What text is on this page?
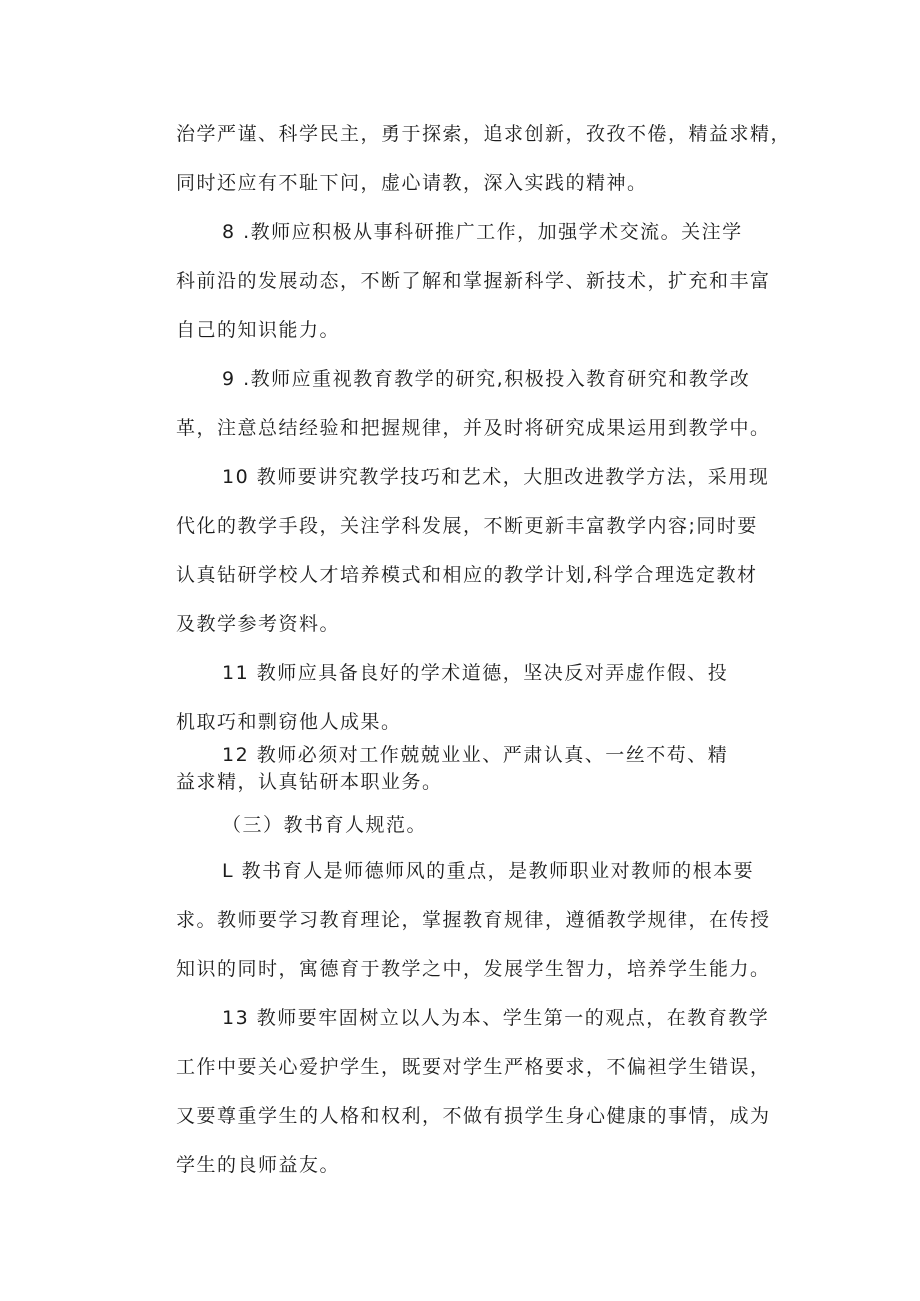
治学严谨、科学民主，勇于探索，追求创新，孜孜不倦，精益求精，
同时还应有不耻下问，虚心请教，深入实践的精神。
8 .教师应积极从事科研推广工作，加强学术交流。关注学
科前沿的发展动态，不断了解和掌握新科学、新技术，扩充和丰富
自己的知识能力。
9 .教师应重视教育教学的研究,积极投入教育研究和教学改
革，注意总结经验和把握规律，并及时将研究成果运用到教学中。
10 教师要讲究教学技巧和艺术，大胆改进教学方法，采用现
代化的教学手段，关注学科发展，不断更新丰富教学内容;同时要
认真钻研学校人才培养模式和相应的教学计划,科学合理选定教材
及教学参考资料。
11 教师应具备良好的学术道德，坚决反对弄虚作假、投
机取巧和剽窃他人成果。
12 教师必须对工作兢兢业业、严肃认真、一丝不苟、精
益求精，认真钻研本职业务。
（三）教书育人规范。
L 教书育人是师德师风的重点，是教师职业对教师的根本要
求。教师要学习教育理论，掌握教育规律，遵循教学规律，在传授
知识的同时，寓德育于教学之中，发展学生智力，培养学生能力。
13 教师要牢固树立以人为本、学生第一的观点，在教育教学
工作中要关心爱护学生，既要对学生严格要求，不偏袒学生错误，
又要尊重学生的人格和权利，不做有损学生身心健康的事情，成为
学生的良师益友。
